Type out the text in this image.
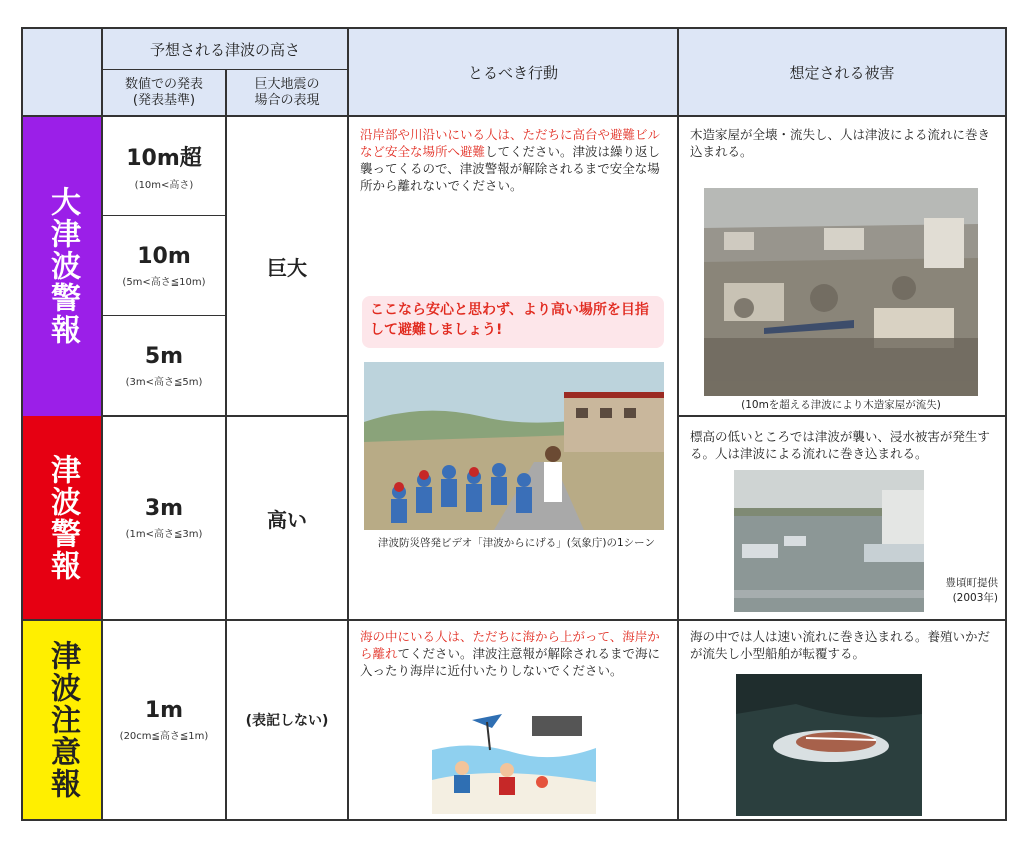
予想される津波の高さ
数値での発表
(発表基準)
巨大地震の
場合の表現
とるべき行動	想定される被害
大津波警報
津波警報
津波注意報
10m超
(10m<高さ)
10m
(5m<高さ≦10m)
5m
(3m<高さ≦5m)
3m
(1m<高さ≦3m)
1m
(20cm≦高さ≦1m)
巨大
高い
(表記しない)
沿岸部や川沿いにいる人は、ただちに高台や避難ビルなど安全な場所へ避難してください。津波は繰り返し襲ってくるので、津波警報が解除されるまで安全な場所から離れないでください。
ここなら安心と思わず、より高い場所を目指して避難しましょう!
津波防災啓発ビデオ「津波からにげる」(気象庁)の1シーン
海の中にいる人は、ただちに海から上がって、海岸から離れてください。津波注意報が解除されるまで海に入ったり海岸に近付いたりしないでください。
木造家屋が全壊・流失し、人は津波による流れに巻き込まれる。
(10mを超える津波により木造家屋が流失)
標高の低いところでは津波が襲い、浸水被害が発生する。人は津波による流れに巻き込まれる。
豊頃町提供
(2003年)
海の中では人は速い流れに巻き込まれる。養殖いかだが流失し小型船舶が転覆する。
